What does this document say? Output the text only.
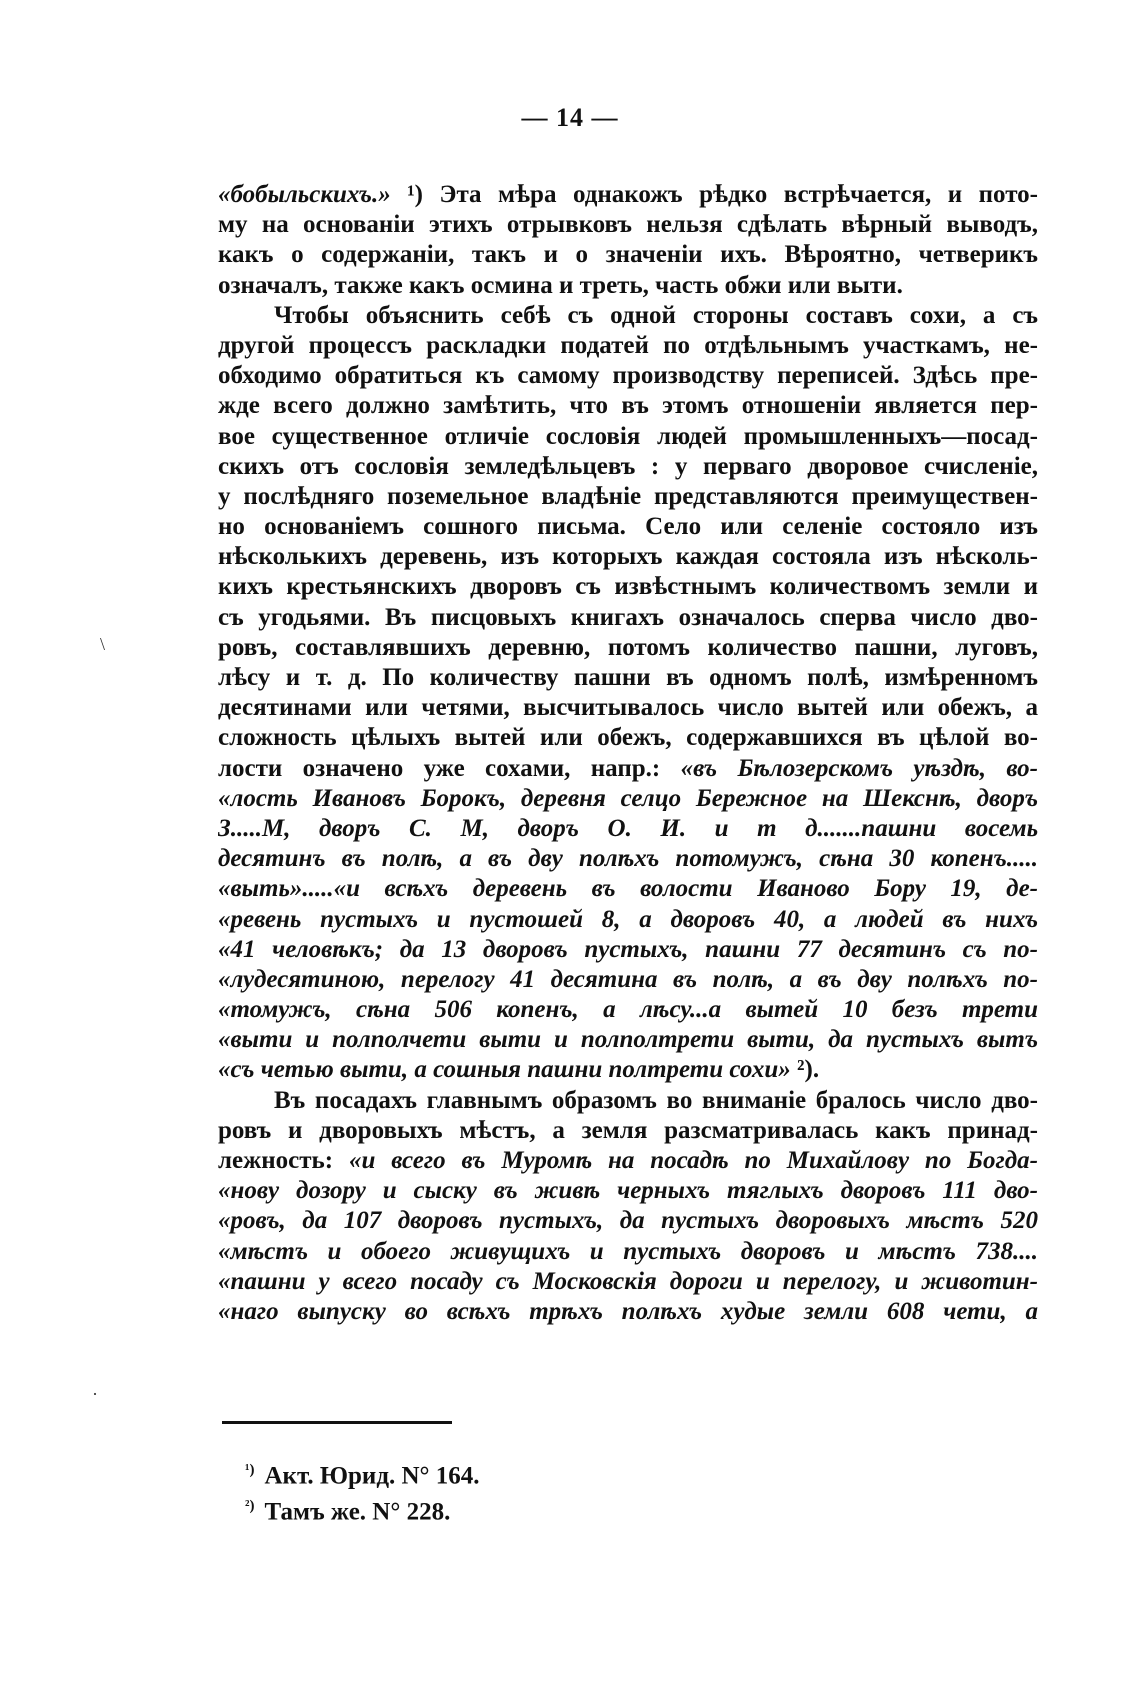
— 14 —
«бобыльскихъ.» ¹) Эта мѣра однакожъ рѣдко встрѣчается, и пото-
му на основанiи этихъ отрывковъ нельзя сдѣлать вѣрный выводъ,
какъ о содержанiи, такъ и о значенiи ихъ. Вѣроятно, четверикъ
означалъ, также какъ осмина и треть, часть обжи или выти.
Чтобы объяснить себѣ съ одной стороны составъ сохи, а съ
другой процессъ раскладки податей по отдѣльнымъ участкамъ, не-
обходимо обратиться къ самому производству переписей. Здѣсь пре-
жде всего должно замѣтить, что въ этомъ отношенiи является пер-
вое существенное отличiе сословiя людей промышленныхъ—посад-
скихъ отъ сословiя земледѣльцевъ : у перваго дворовое счисленiе,
у послѣдняго поземельное владѣнiе представляются преимуществен-
но основанiемъ сошного письма. Село или селенiе состояло изъ
нѣсколькихъ деревень, изъ которыхъ каждая состояла изъ нѣсколь-
кихъ крестьянскихъ дворовъ съ извѣстнымъ количествомъ земли и
съ угодьями. Въ писцовыхъ книгахъ означалось сперва число дво-
ровъ, составлявшихъ деревню, потомъ количество пашни, луговъ,
лѣсу и т. д. По количеству пашни въ одномъ полѣ, измѣренномъ
десятинами или четями, высчитывалось число вытей или обежъ, а
сложность цѣлыхъ вытей или обежъ, содержавшихся въ цѣлой во-
лости означено уже сохами, напр.: «въ Бѣлозерскомъ уѣздѣ, во-
«лость Ивановъ Борокъ, деревня селцо Бережное на Шекснѣ, дворъ
З.....М, дворъ С. М, дворъ О. И. и т д.......пашни восемь
десятинъ въ полѣ, а въ дву полѣхъ потомужъ, сѣна 30 копенъ.....
«выть».....«и всѣхъ деревень въ волости Иваново Бору 19, де-
«ревень пустыхъ и пустошей 8, а дворовъ 40, а людей въ нихъ
«41 человѣкъ; да 13 дворовъ пустыхъ, пашни 77 десятинъ съ по-
«лудесятиною, перелогу 41 десятина въ полѣ, а въ дву полѣхъ по-
«томужъ, сѣна 506 копенъ, а лѣсу...а вытей 10 безъ трети
«выти и полполчети выти и полполтрети выти, да пустыхъ вытъ
«съ четью выти, а сошныя пашни полтрети сохи» ²).
Въ посадахъ главнымъ образомъ во вниманiе бралось число дво-
ровъ и дворовыхъ мѣстъ, а земля разсматривалась какъ принад-
лежность: «и всего въ Муромѣ на посадѣ по Михайлову по Богда-
«нову дозору и сыску въ живѣ черныхъ тяглыхъ дворовъ 111 дво-
«ровъ, да 107 дворовъ пустыхъ, да пустыхъ дворовыхъ мѣстъ 520
«мѣстъ и обоего живущихъ и пустыхъ дворовъ и мѣстъ 738....
«пашни у всего посаду съ Московскiя дороги и перелогу, и животин-
«наго выпуску во всѣхъ трѣхъ полѣхъ худые земли 608 чети, а
$^{^1)}$ Акт. Юрид. N° 164.
$^{^2)}$ Тамъ же. N° 228.
\
·
